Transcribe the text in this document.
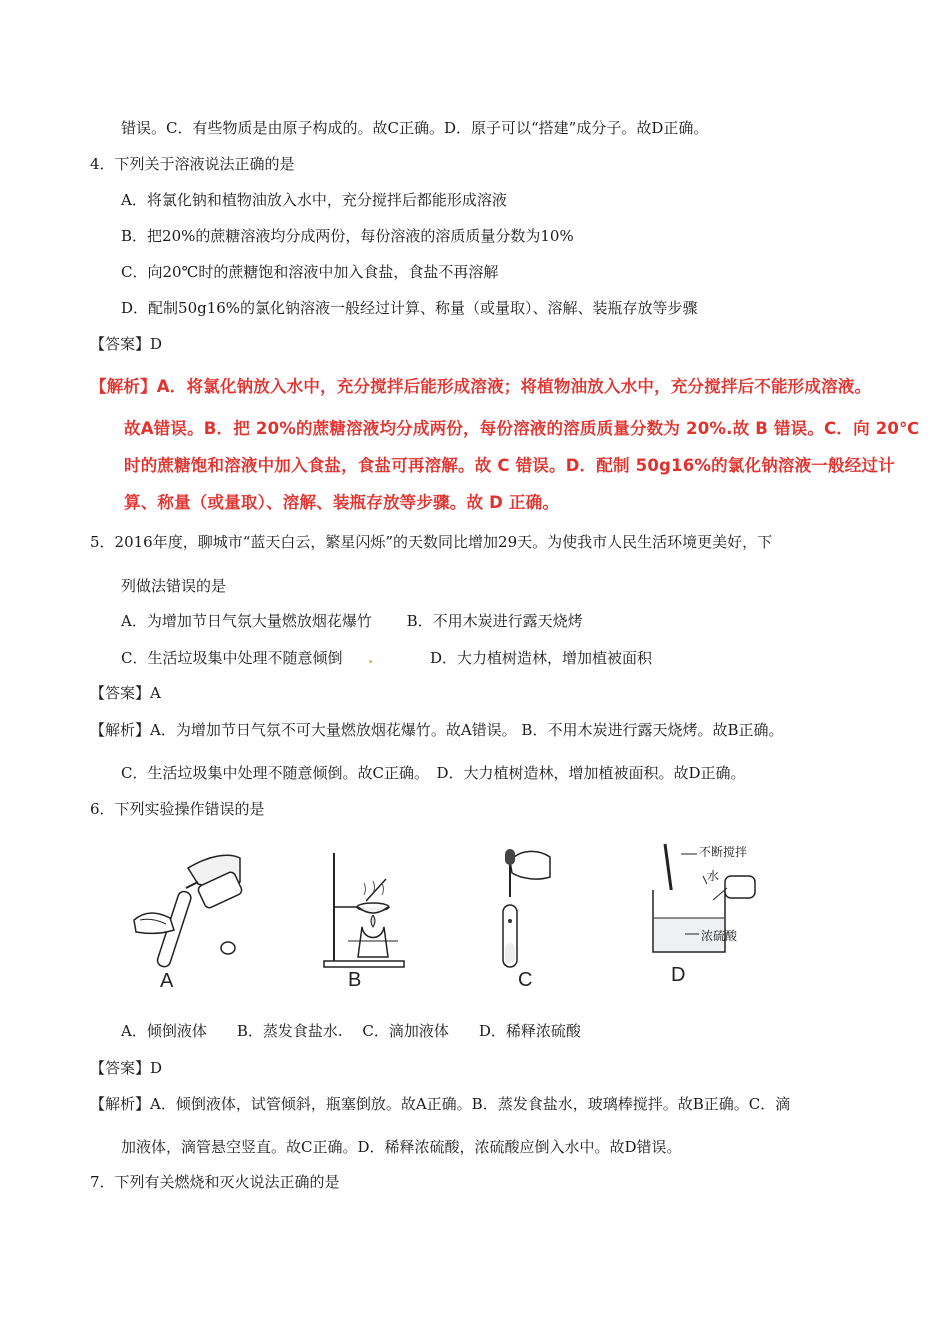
错误。C．有些物质是由原子构成的。故C正确。D．原子可以“搭建”成分子。故D正确。
4．下列关于溶液说法正确的是
A．将氯化钠和植物油放入水中，充分搅拌后都能形成溶液
B．把20%的蔗糖溶液均分成两份，每份溶液的溶质质量分数为10%
C．向20℃时的蔗糖饱和溶液中加入食盐，食盐不再溶解
D．配制50g16%的氯化钠溶液一般经过计算、称量（或量取）、溶解、装瓶存放等步骤
【答案】D
【解析】A．将氯化钠放入水中，充分搅拌后能形成溶液；将植物油放入水中，充分搅拌后不能形成溶液。
故A错误。B．把 20%的蔗糖溶液均分成两份，每份溶液的溶质质量分数为 20%.故 B 错误。C．向 20℃
时的蔗糖饱和溶液中加入食盐，食盐可再溶解。故 C 错误。D．配制 50g16%的氯化钠溶液一般经过计
算、称量（或量取）、溶解、装瓶存放等步骤。故 D 正确。
5．2016年度，聊城市“蓝天白云，繁星闪烁”的天数同比增加29天。为使我市人民生活环境更美好，下
列做法错误的是
A．为增加节日气氛大量燃放烟花爆竹　　 B．不用木炭进行露天烧烤
C．生活垃圾集中处理不随意倾倒 .	D．大力植树造林，增加植被面积
【答案】A
【解析】A．为增加节日气氛不可大量燃放烟花爆竹。故A错误。 B．不用木炭进行露天烧烤。故B正确。
C．生活垃圾集中处理不随意倾倒。故C正确。　D．大力植树造林，增加植被面积。故D正确。
6．下列实验操作错误的是
A	B	C
不断搅拌
水
浓硫酸
D
A．倾倒液体　　B．蒸发食盐水.　 C．滴加液体　　D．稀释浓硫酸
【答案】D
【解析】A．倾倒液体，试管倾斜，瓶塞倒放。故A正确。B．蒸发食盐水，玻璃棒搅拌。故B正确。C．滴
加液体，滴管悬空竖直。故C正确。D．稀释浓硫酸，浓硫酸应倒入水中。故D错误。
7．下列有关燃烧和灭火说法正确的是
